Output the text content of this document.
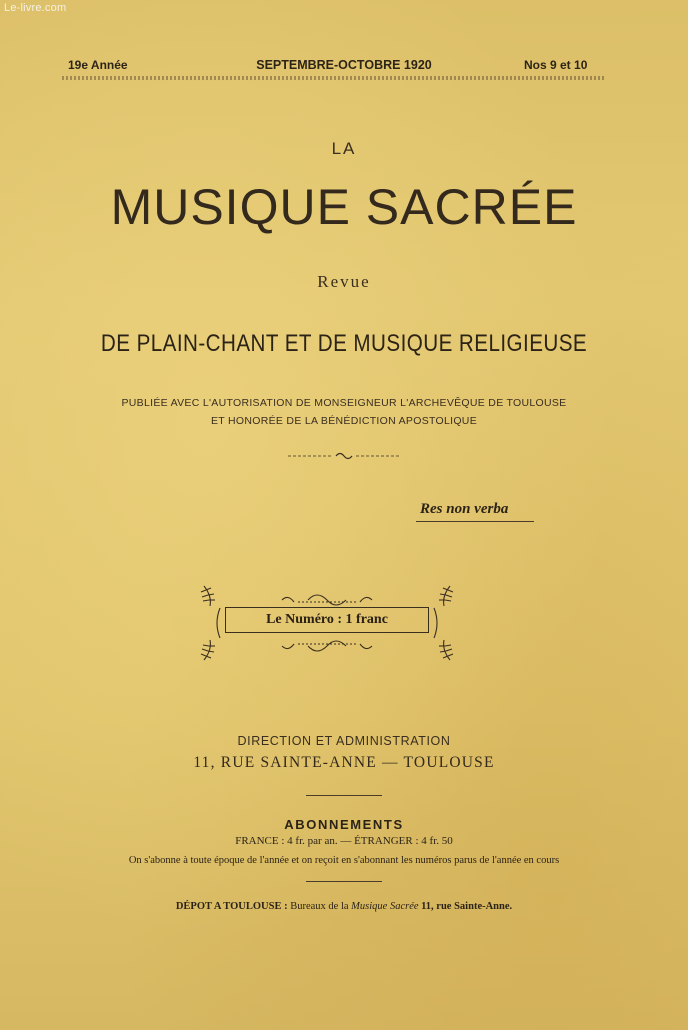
Le-livre.com
19e Année	SEPTEMBRE-OCTOBRE 1920	Nos 9 et 10
LA
MUSIQUE SACRÉE
Revue
DE PLAIN-CHANT ET DE MUSIQUE RELIGIEUSE
PUBLIÉE AVEC L'AUTORISATION DE MONSEIGNEUR L'ARCHEVÊQUE DE TOULOUSE
ET HONORÉE DE LA BÉNÉDICTION APOSTOLIQUE
Res non verba
Le Numéro : 1 franc
DIRECTION ET ADMINISTRATION
11, RUE SAINTE-ANNE — TOULOUSE
ABONNEMENTS
FRANCE : 4 fr. par an. — ÉTRANGER : 4 fr. 50
On s'abonne à toute époque de l'année et on reçoit en s'abonnant les numéros parus de l'année en cours
DÉPOT A TOULOUSE : Bureaux de la Musique Sacrée 11, rue Sainte-Anne.
